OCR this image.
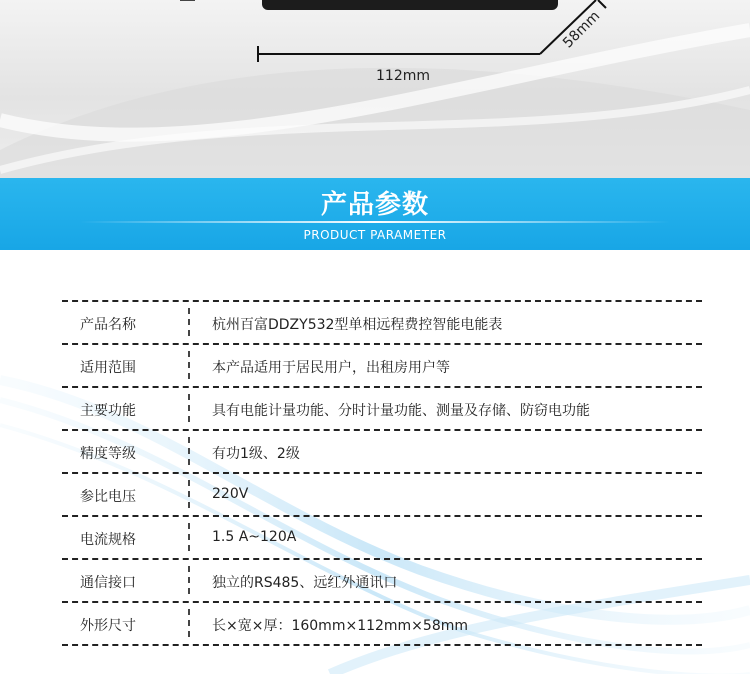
112mm
58mm
产品参数
PRODUCT PARAMETER
产品名称	杭州百富DDZY532型单相远程费控智能电能表
适用范围	本产品适用于居民用户，出租房用户等
主要功能	具有电能计量功能、分时计量功能、测量及存储、防窃电功能
精度等级	有功1级、2级
参比电压	220V
电流规格	1.5 A~120A
通信接口	独立的RS485、远红外通讯口
外形尺寸	长×宽×厚：160mm×112mm×58mm
